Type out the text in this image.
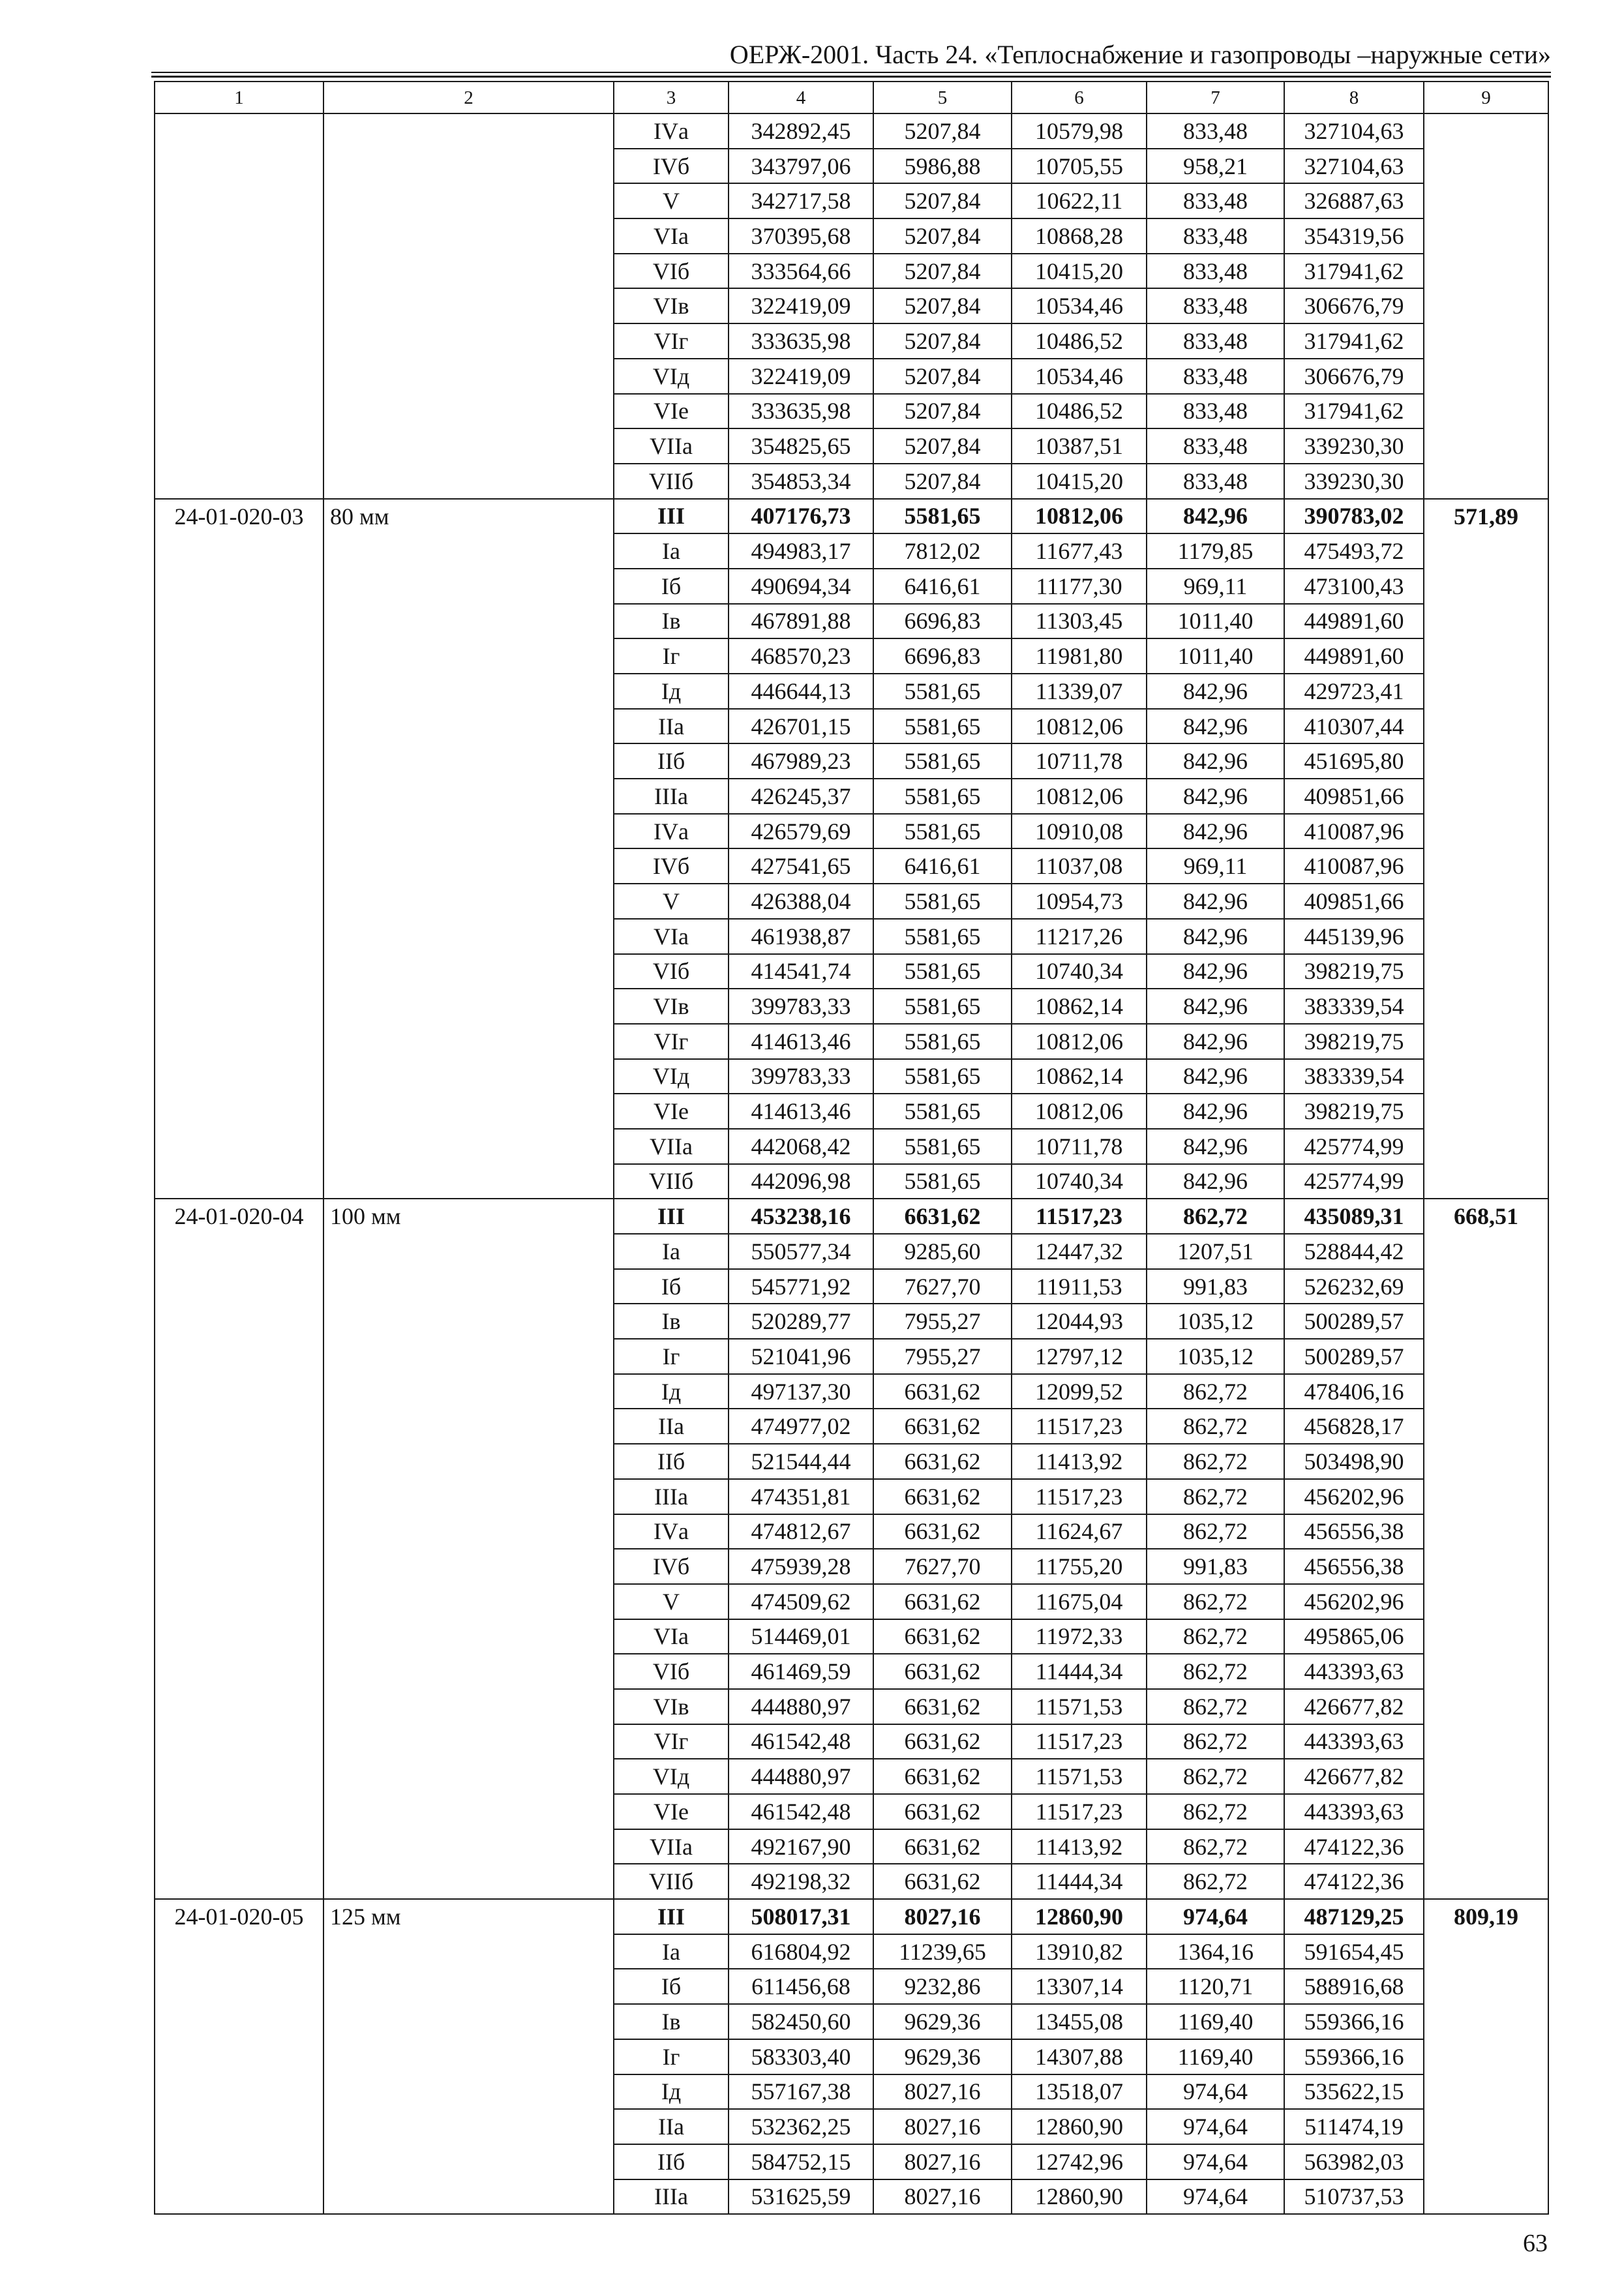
ОЕРЖ-2001. Часть 24. «Теплоснабжение и газопроводы –наружные сети»
1	2	3	4	5	6	7	8	9
		IVа	342892,45	5207,84	10579,98	833,48	327104,63	
		IVб	343797,06	5986,88	10705,55	958,21	327104,63	
		V	342717,58	5207,84	10622,11	833,48	326887,63	
		VIа	370395,68	5207,84	10868,28	833,48	354319,56	
		VIб	333564,66	5207,84	10415,20	833,48	317941,62	
		VIв	322419,09	5207,84	10534,46	833,48	306676,79	
		VIг	333635,98	5207,84	10486,52	833,48	317941,62	
		VIд	322419,09	5207,84	10534,46	833,48	306676,79	
		VIе	333635,98	5207,84	10486,52	833,48	317941,62	
		VIIа	354825,65	5207,84	10387,51	833,48	339230,30	
		VIIб	354853,34	5207,84	10415,20	833,48	339230,30	
24-01-020-03	80 мм	III	407176,73	5581,65	10812,06	842,96	390783,02	571,89
		Iа	494983,17	7812,02	11677,43	1179,85	475493,72	
		Iб	490694,34	6416,61	11177,30	969,11	473100,43	
		Iв	467891,88	6696,83	11303,45	1011,40	449891,60	
		Iг	468570,23	6696,83	11981,80	1011,40	449891,60	
		Iд	446644,13	5581,65	11339,07	842,96	429723,41	
		IIа	426701,15	5581,65	10812,06	842,96	410307,44	
		IIб	467989,23	5581,65	10711,78	842,96	451695,80	
		IIIа	426245,37	5581,65	10812,06	842,96	409851,66	
		IVа	426579,69	5581,65	10910,08	842,96	410087,96	
		IVб	427541,65	6416,61	11037,08	969,11	410087,96	
		V	426388,04	5581,65	10954,73	842,96	409851,66	
		VIа	461938,87	5581,65	11217,26	842,96	445139,96	
		VIб	414541,74	5581,65	10740,34	842,96	398219,75	
		VIв	399783,33	5581,65	10862,14	842,96	383339,54	
		VIг	414613,46	5581,65	10812,06	842,96	398219,75	
		VIд	399783,33	5581,65	10862,14	842,96	383339,54	
		VIе	414613,46	5581,65	10812,06	842,96	398219,75	
		VIIа	442068,42	5581,65	10711,78	842,96	425774,99	
		VIIб	442096,98	5581,65	10740,34	842,96	425774,99	
24-01-020-04	100 мм	III	453238,16	6631,62	11517,23	862,72	435089,31	668,51
		Iа	550577,34	9285,60	12447,32	1207,51	528844,42	
		Iб	545771,92	7627,70	11911,53	991,83	526232,69	
		Iв	520289,77	7955,27	12044,93	1035,12	500289,57	
		Iг	521041,96	7955,27	12797,12	1035,12	500289,57	
		Iд	497137,30	6631,62	12099,52	862,72	478406,16	
		IIа	474977,02	6631,62	11517,23	862,72	456828,17	
		IIб	521544,44	6631,62	11413,92	862,72	503498,90	
		IIIа	474351,81	6631,62	11517,23	862,72	456202,96	
		IVа	474812,67	6631,62	11624,67	862,72	456556,38	
		IVб	475939,28	7627,70	11755,20	991,83	456556,38	
		V	474509,62	6631,62	11675,04	862,72	456202,96	
		VIа	514469,01	6631,62	11972,33	862,72	495865,06	
		VIб	461469,59	6631,62	11444,34	862,72	443393,63	
		VIв	444880,97	6631,62	11571,53	862,72	426677,82	
		VIг	461542,48	6631,62	11517,23	862,72	443393,63	
		VIд	444880,97	6631,62	11571,53	862,72	426677,82	
		VIе	461542,48	6631,62	11517,23	862,72	443393,63	
		VIIа	492167,90	6631,62	11413,92	862,72	474122,36	
		VIIб	492198,32	6631,62	11444,34	862,72	474122,36	
24-01-020-05	125 мм	III	508017,31	8027,16	12860,90	974,64	487129,25	809,19
		Iа	616804,92	11239,65	13910,82	1364,16	591654,45	
		Iб	611456,68	9232,86	13307,14	1120,71	588916,68	
		Iв	582450,60	9629,36	13455,08	1169,40	559366,16	
		Iг	583303,40	9629,36	14307,88	1169,40	559366,16	
		Iд	557167,38	8027,16	13518,07	974,64	535622,15	
		IIа	532362,25	8027,16	12860,90	974,64	511474,19	
		IIб	584752,15	8027,16	12742,96	974,64	563982,03	
		IIIа	531625,59	8027,16	12860,90	974,64	510737,53	
63
